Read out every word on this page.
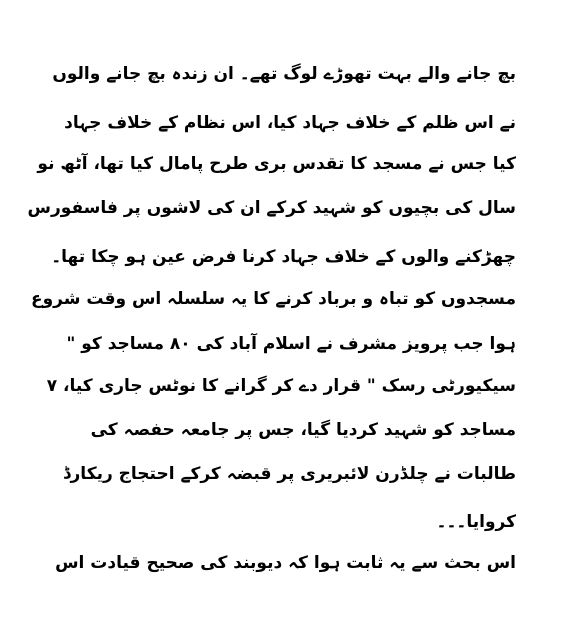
بچ جانے والے بہت تھوڑے لوگ تھے۔ ان زندہ بچ جانے والوں
نے اس ظلم کے خلاف جہاد کیا، اس نظام کے خلاف جہاد
کیا جس نے مسجد کا تقدس بری طرح پامال کیا تھا، آٹھ نو
سال کی بچیوں کو شہید کرکے ان کی لاشوں پر فاسفورس
چھڑکنے والوں کے خلاف جہاد کرنا فرض عین ہو چکا تھا۔
مسجدوں کو تباہ و برباد کرنے کا یہ سلسلہ اس وقت شروع
ہوا جب پرویز مشرف نے اسلام آباد کی ۸۰ مساجد کو "
سیکیورٹی رسک " قرار دے کر گرانے کا نوٹس جاری کیا، ۷
مساجد کو شہید کردیا گیا، جس پر جامعہ حفصہ کی
طالبات نے چلڈرن لائبریری پر قبضہ کرکے احتجاج ریکارڈ
کروایا۔۔۔
اس بحث سے یہ ثابت ہوا کہ دیوبند کی صحیح قیادت اس
